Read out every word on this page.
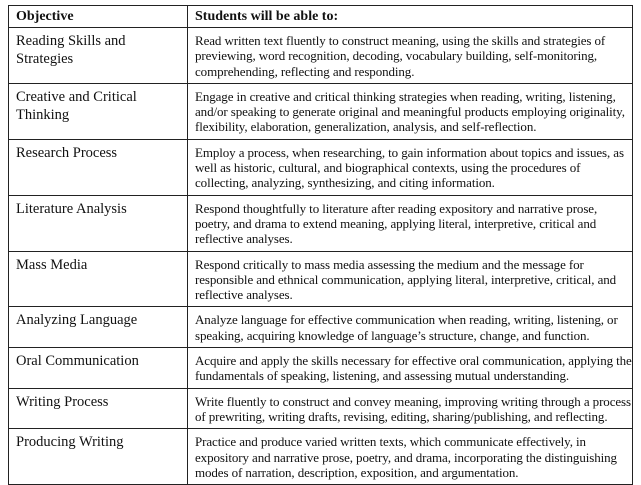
Objective	Students will be able to:

Reading Skills and
Strategies	Read written text fluently to construct meaning, using the skills and strategies of
previewing, word recognition, decoding, vocabulary building, self-monitoring,
comprehending, reflecting and responding.

Creative and Critical
Thinking	Engage in creative and critical thinking strategies when reading, writing, listening,
and/or speaking to generate original and meaningful products employing originality,
flexibility, elaboration, generalization, analysis, and self-reflection.

Research Process	Employ a process, when researching, to gain information about topics and issues, as
well as historic, cultural, and biographical contexts, using the procedures of
collecting, analyzing, synthesizing, and citing information.

Literature Analysis	Respond thoughtfully to literature after reading expository and narrative prose,
poetry, and drama to extend meaning, applying literal, interpretive, critical and
reflective analyses.

Mass Media	Respond critically to mass media assessing the medium and the message for
responsible and ethnical communication, applying literal, interpretive, critical, and
reflective analyses.

Analyzing Language	Analyze language for effective communication when reading, writing, listening, or
speaking, acquiring knowledge of language’s structure, change, and function.

Oral Communication	Acquire and apply the skills necessary for effective oral communication, applying the
fundamentals of speaking, listening, and assessing mutual understanding.

Writing Process	Write fluently to construct and convey meaning, improving writing through a process
of prewriting, writing drafts, revising, editing, sharing/publishing, and reflecting.

Producing Writing	Practice and produce varied written texts, which communicate effectively, in
expository and narrative prose, poetry, and drama, incorporating the distinguishing
modes of narration, description, exposition, and argumentation.
